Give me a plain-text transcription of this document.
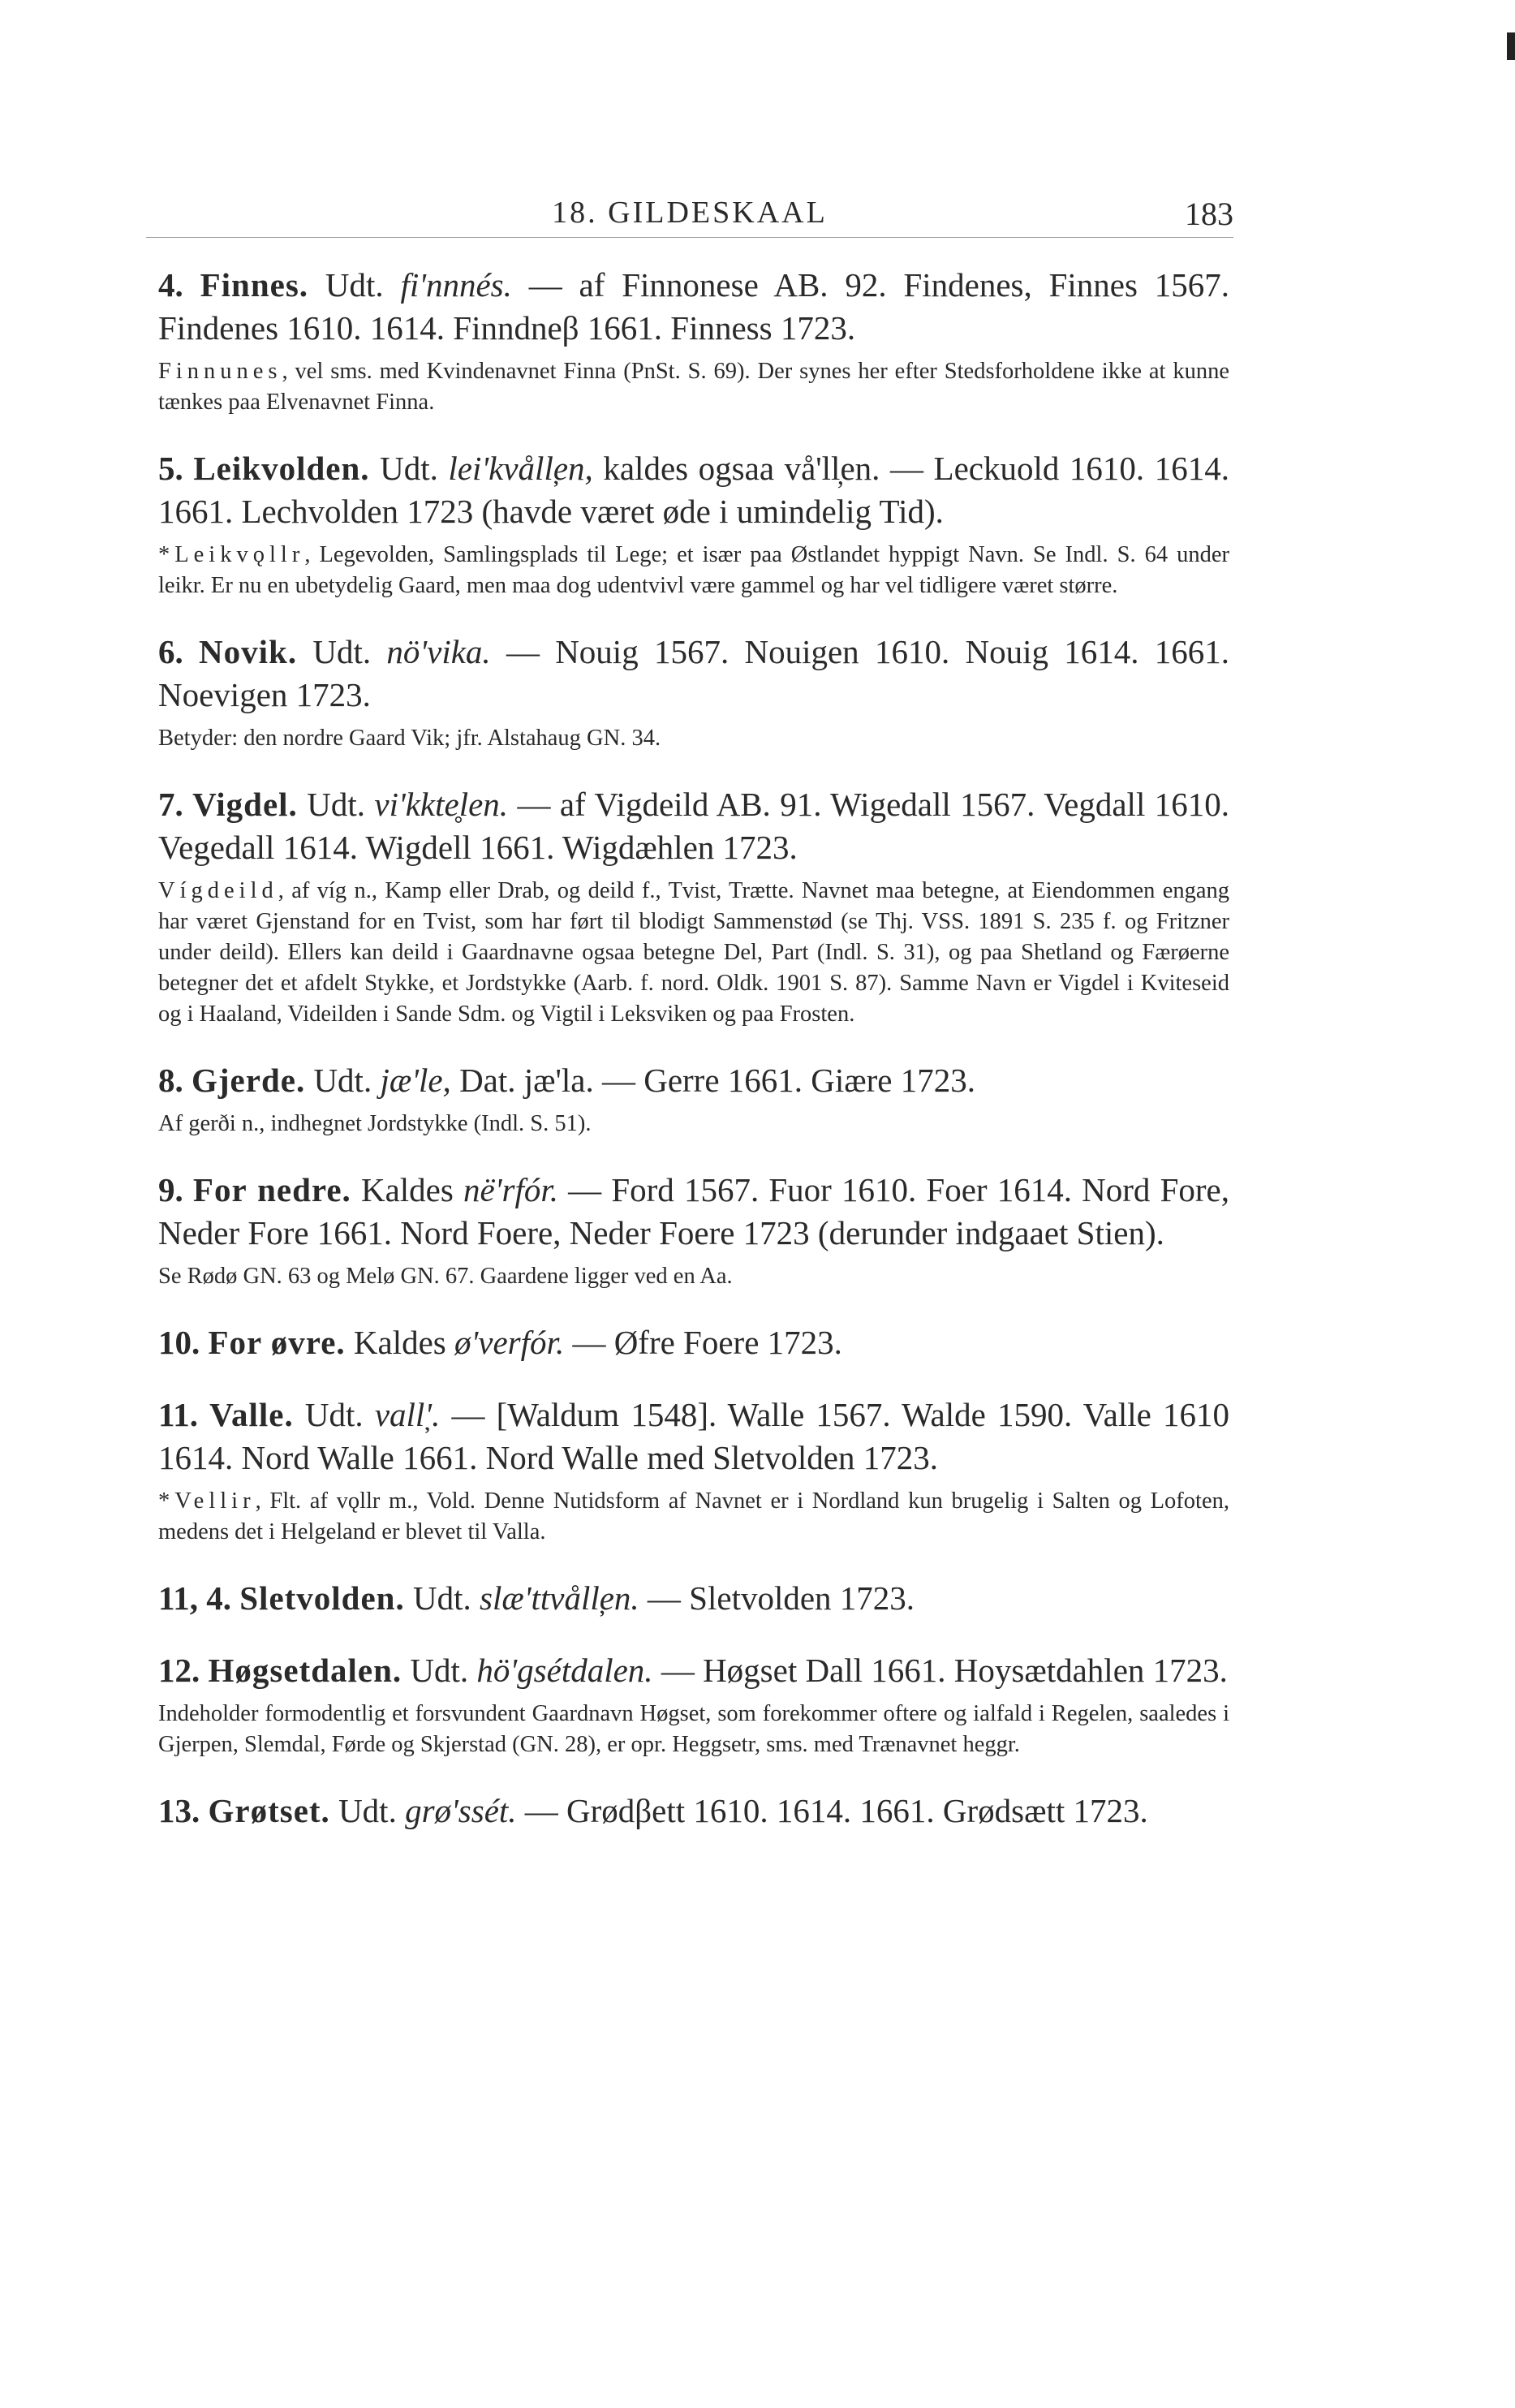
18. GILDESKAAL	183

4. Finnes. Udt. fi'nnnés. — af Finnonese AB. 92. Findenes, Finnes 1567. Findenes 1610. 1614. Finndneβ 1661. Finness 1723.

Finnunes, vel sms. med Kvindenavnet Finna (PnSt. S. 69). Der synes her efter Stedsforholdene ikke at kunne tænkes paa Elvenavnet Finna.

5. Leikvolden. Udt. lei'kvåll̦en, kaldes ogsaa vå'll̦en. — Leckuold 1610. 1614. 1661. Lechvolden 1723 (havde været øde i umindelig Tid).

*Leikvǫllr, Legevolden, Samlingsplads til Lege; et især paa Østlandet hyppigt Navn. Se Indl. S. 64 under leikr. Er nu en ubetydelig Gaard, men maa dog udentvivl være gammel og har vel tidligere været større.

6. Novik. Udt. nö'vika. — Nouig 1567. Nouigen 1610. Nouig 1614. 1661. Noevigen 1723.

Betyder: den nordre Gaard Vik; jfr. Alstahaug GN. 34.

7. Vigdel. Udt. vi'kkte̥len. — af Vigdeild AB. 91. Wigedall 1567. Vegdall 1610. Vegedall 1614. Wigdell 1661. Wigdæhlen 1723.

Vígdeild, af víg n., Kamp eller Drab, og deild f., Tvist, Trætte. Navnet maa betegne, at Eiendommen engang har været Gjenstand for en Tvist, som har ført til blodigt Sammenstød (se Thj. VSS. 1891 S. 235 f. og Fritzner under deild). Ellers kan deild i Gaardnavne ogsaa betegne Del, Part (Indl. S. 31), og paa Shetland og Færøerne betegner det et afdelt Stykke, et Jordstykke (Aarb. f. nord. Oldk. 1901 S. 87). Samme Navn er Vigdel i Kviteseid og i Haaland, Videilden i Sande Sdm. og Vigtil i Leksviken og paa Frosten.

8. Gjerde. Udt. jæ'le, Dat. jæ'la. — Gerre 1661. Giære 1723.

Af gerði n., indhegnet Jordstykke (Indl. S. 51).

9. For nedre. Kaldes në'rfór. — Ford 1567. Fuor 1610. Foer 1614. Nord Fore, Neder Fore 1661. Nord Foere, Neder Foere 1723 (derunder indgaaet Stien).

Se Rødø GN. 63 og Melø GN. 67. Gaardene ligger ved en Aa.

10. For øvre. Kaldes ø'verfór. — Øfre Foere 1723.

11. Valle. Udt. vall̦'. — [Waldum 1548]. Walle 1567. Walde 1590. Valle 1610 1614. Nord Walle 1661. Nord Walle med Sletvolden 1723.

*Vellir, Flt. af vǫllr m., Vold. Denne Nutidsform af Navnet er i Nordland kun brugelig i Salten og Lofoten, medens det i Helgeland er blevet til Valla.

11, 4. Sletvolden. Udt. slæ'ttvåll̦en. — Sletvolden 1723.

12. Høgsetdalen. Udt. hö'gsétdalen. — Høgset Dall 1661. Hoysætdahlen 1723.

Indeholder formodentlig et forsvundent Gaardnavn Høgset, som forekommer oftere og ialfald i Regelen, saaledes i Gjerpen, Slemdal, Førde og Skjerstad (GN. 28), er opr. Heggsetr, sms. med Trænavnet heggr.

13. Grøtset. Udt. grø'ssét. — Grødβett 1610. 1614. 1661. Grødsætt 1723.
